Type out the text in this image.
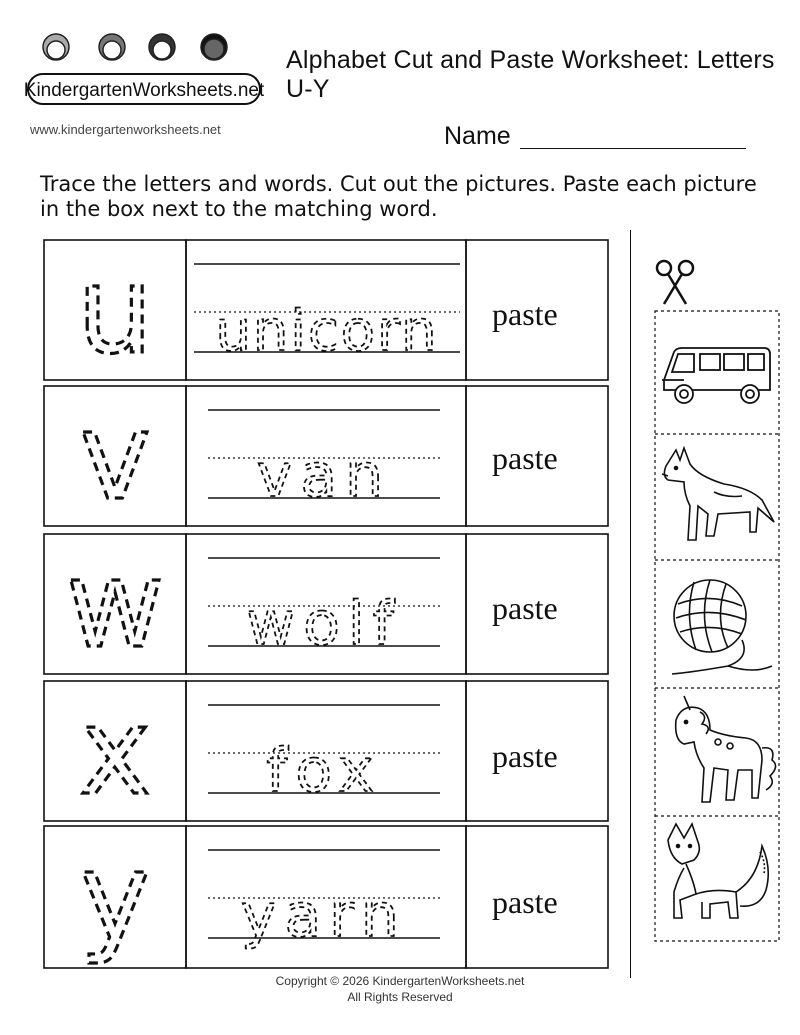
KindergartenWorksheets.net
www.kindergartenworksheets.net
Alphabet Cut and Paste Worksheet: Letters U-Y
Name
Trace the letters and words. Cut out the pictures. Paste each picture
in the box next to the matching word.
u unicorn
v van
w wolf
x fox
y yarn
paste
paste
paste
paste
paste
Copyright © 2026 KindergartenWorksheets.net
All Rights Reserved
